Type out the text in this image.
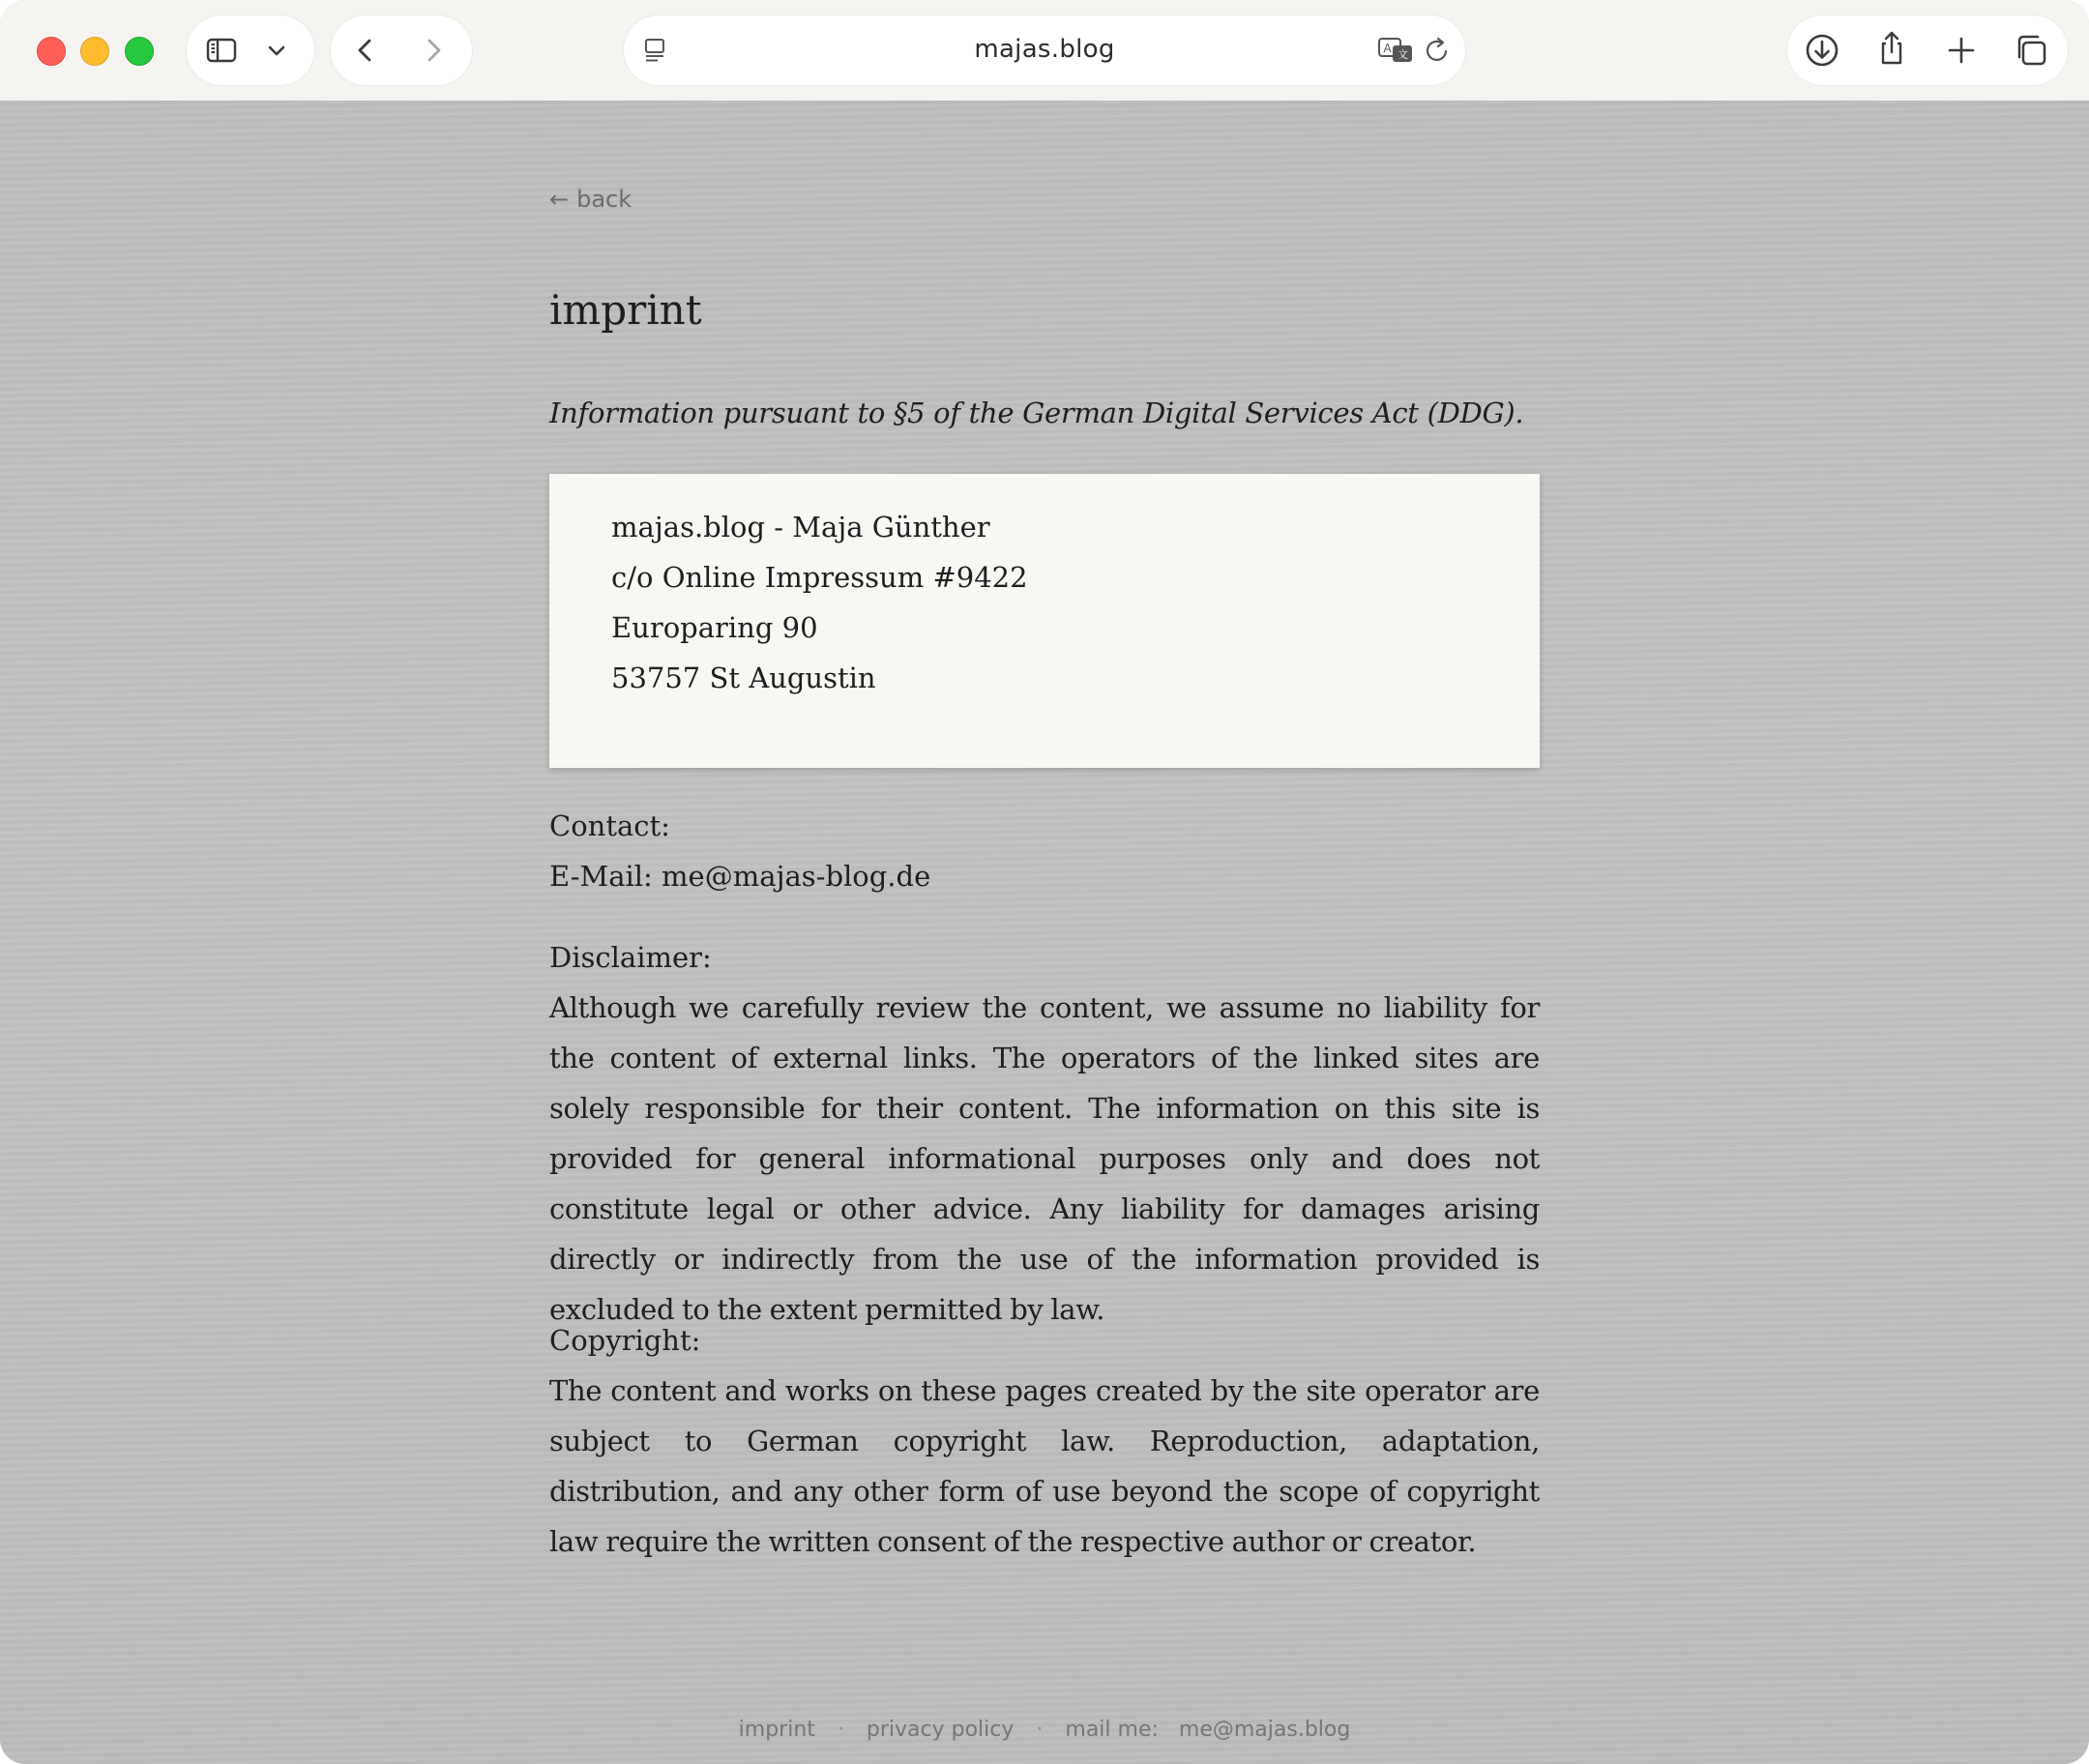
majas.blog	A 文
← back
imprint
Information pursuant to §5 of the German Digital Services Act (DDG).
majas.blog - Maja Günther
c/o Online Impressum #9422
Europaring 90
53757 St Augustin
Contact:
E-Mail: me@majas-blog.de
Disclaimer:

Although we carefully review the content, we assume no liability for the content of external links. The operators of the linked sites are solely responsible for their content. The information on this site is provided for general informational purposes only and does not constitute legal or other advice. Any liability for damages arising directly or indirectly from the use of the information provided is excluded to the extent permitted by law.

Copyright:

The content and works on these pages created by the site operator are subject to German copyright law. Reproduction, adaptation, distribution, and any other form of use beyond the scope of copyright law require the written consent of the respective author or creator.

imprint · privacy policy · mail me: me@majas.blog
